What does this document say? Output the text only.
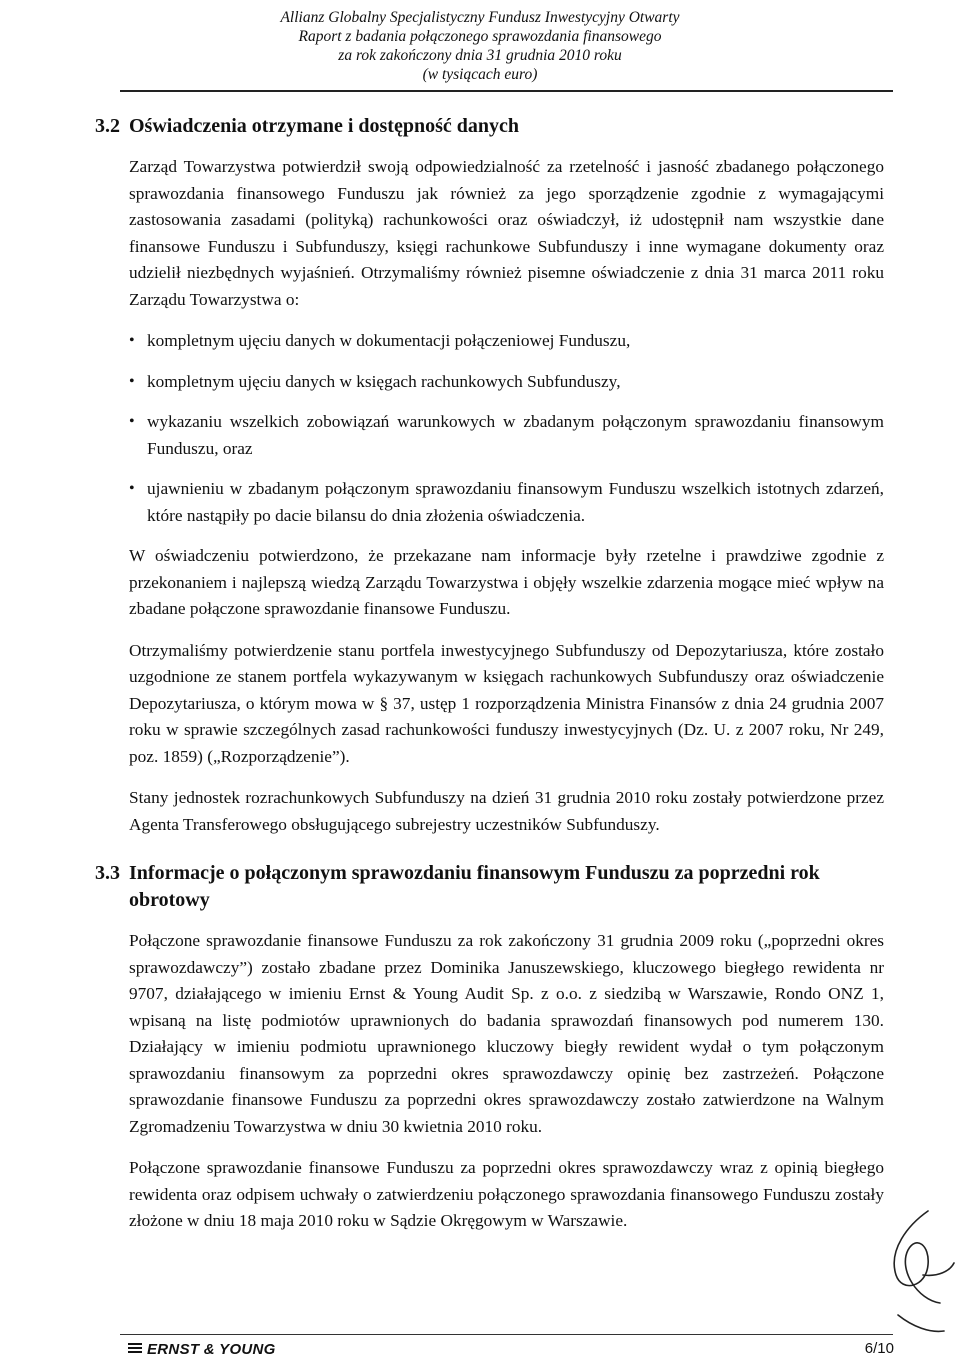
Allianz Globalny Specjalistyczny Fundusz Inwestycyjny Otwarty
Raport z badania połączonego sprawozdania finansowego
za rok zakończony dnia 31 grudnia 2010 roku
(w tysiącach euro)
3.2 Oświadczenia otrzymane i dostępność danych

Zarząd Towarzystwa potwierdził swoją odpowiedzialność za rzetelność i jasność zbadanego połączonego sprawozdania finansowego Funduszu jak również za jego sporządzenie zgodnie z wymagającymi zastosowania zasadami (polityką) rachunkowości oraz oświadczył, iż udostępnił nam wszystkie dane finansowe Funduszu i Subfunduszy, księgi rachunkowe Subfunduszy i inne wymagane dokumenty oraz udzielił niezbędnych wyjaśnień. Otrzymaliśmy również pisemne oświadczenie z dnia 31 marca 2011 roku Zarządu Towarzystwa o:

• kompletnym ujęciu danych w dokumentacji połączeniowej Funduszu,
• kompletnym ujęciu danych w księgach rachunkowych Subfunduszy,
• wykazaniu wszelkich zobowiązań warunkowych w zbadanym połączonym sprawozdaniu finansowym Funduszu, oraz
• ujawnieniu w zbadanym połączonym sprawozdaniu finansowym Funduszu wszelkich istotnych zdarzeń, które nastąpiły po dacie bilansu do dnia złożenia oświadczenia.

W oświadczeniu potwierdzono, że przekazane nam informacje były rzetelne i prawdziwe zgodnie z przekonaniem i najlepszą wiedzą Zarządu Towarzystwa i objęły wszelkie zdarzenia mogące mieć wpływ na zbadane połączone sprawozdanie finansowe Funduszu.

Otrzymaliśmy potwierdzenie stanu portfela inwestycyjnego Subfunduszy od Depozytariusza, które zostało uzgodnione ze stanem portfela wykazywanym w księgach rachunkowych Subfunduszy oraz oświadczenie Depozytariusza, o którym mowa w § 37, ustęp 1 rozporządzenia Ministra Finansów z dnia 24 grudnia 2007 roku w sprawie szczególnych zasad rachunkowości funduszy inwestycyjnych (Dz. U. z 2007 roku, Nr 249, poz. 1859) („Rozporządzenie”).

Stany jednostek rozrachunkowych Subfunduszy na dzień 31 grudnia 2010 roku zostały potwierdzone przez Agenta Transferowego obsługującego subrejestry uczestników Subfunduszy.

3.3 Informacje o połączonym sprawozdaniu finansowym Funduszu za poprzedni rok obrotowy

Połączone sprawozdanie finansowe Funduszu za rok zakończony 31 grudnia 2009 roku („poprzedni okres sprawozdawczy”) zostało zbadane przez Dominika Januszewskiego, kluczowego biegłego rewidenta nr 9707, działającego w imieniu Ernst & Young Audit Sp. z o.o. z siedzibą w Warszawie, Rondo ONZ 1, wpisaną na listę podmiotów uprawnionych do badania sprawozdań finansowych pod numerem 130. Działający w imieniu podmiotu uprawnionego kluczowy biegły rewident wydał o tym połączonym sprawozdaniu finansowym za poprzedni okres sprawozdawczy opinię bez zastrzeżeń. Połączone sprawozdanie finansowe Funduszu za poprzedni okres sprawozdawczy zostało zatwierdzone na Walnym Zgromadzeniu Towarzystwa w dniu 30 kwietnia 2010 roku.

Połączone sprawozdanie finansowe Funduszu za poprzedni okres sprawozdawczy wraz z opinią biegłego rewidenta oraz odpisem uchwały o zatwierdzeniu połączonego sprawozdania finansowego Funduszu zostały złożone w dniu 18 maja 2010 roku w Sądzie Okręgowym w Warszawie.

ERNST & YOUNG	6/10
